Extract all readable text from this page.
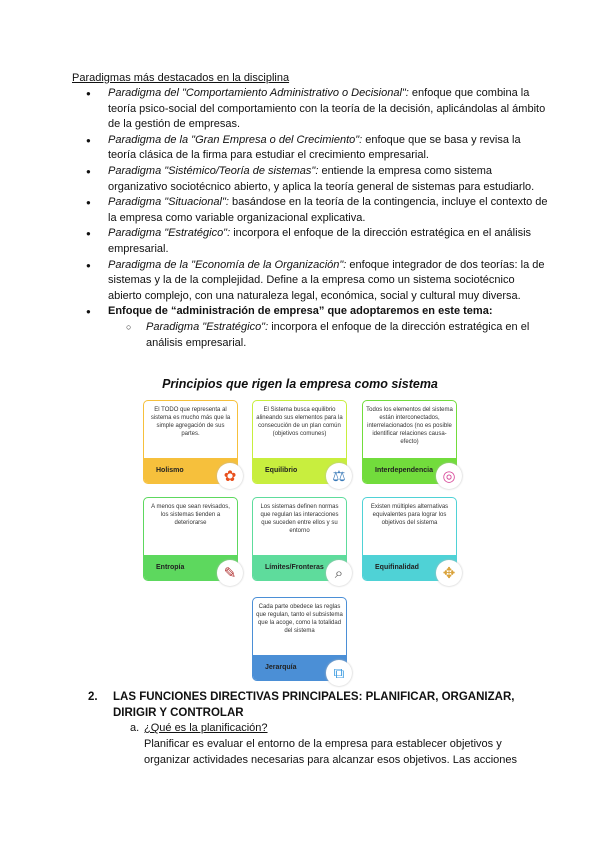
Paradigmas más destacados en la disciplina
● Paradigma del "Comportamiento Administrativo o Decisional": enfoque que combina la teoría psico-social del comportamiento con la teoría de la decisión, aplicándolas al ámbito de la gestión de empresas.
● Paradigma de la "Gran Empresa o del Crecimiento": enfoque que se basa y revisa la teoría clásica de la firma para estudiar el crecimiento empresarial.
● Paradigma "Sistémico/Teoría de sistemas": entiende la empresa como sistema organizativo sociotécnico abierto, y aplica la teoría general de sistemas para estudiarlo.
● Paradigma "Situacional": basándose en la teoría de la contingencia, incluye el contexto de la empresa como variable organizacional explicativa.
● Paradigma "Estratégico": incorpora el enfoque de la dirección estratégica en el análisis empresarial.
● Paradigma de la "Economía de la Organización": enfoque integrador de dos teorías: la de sistemas y la de la complejidad. Define a la empresa como un sistema sociotécnico abierto complejo, con una naturaleza legal, económica, social y cultural muy diversa.
● Enfoque de “administración de empresa” que adoptaremos en este tema:
○ Paradigma "Estratégico": incorpora el enfoque de la dirección estratégica en el análisis empresarial.
Principios que rigen la empresa como sistema
El TODO que representa al sistema es mucho más que la simple agregación de sus partes.
Holismo	✿
El Sistema busca equilibrio alineando sus elementos para la consecución de un plan común (objetivos comunes)
Equilibrio	⚖
Todos los elementos del sistema están interconectados, interrelacionados (no es posible identificar relaciones causa-efecto)
Interdependencia ◎
A menos que sean revisados, los sistemas tienden a deteriorarse
Entropía	✎
Los sistemas definen normas que regulan las interacciones que suceden entre ellos y su entorno
Límites/Fronteras ⌕
Existen múltiples alternativas equivalentes para lograr los objetivos del sistema
Equifinalidad	✥
Cada parte obedece las reglas que regulan, tanto el subsistema que la acoge, como la totalidad del sistema
Jerarquía	⧉
2. LAS FUNCIONES DIRECTIVAS PRINCIPALES: PLANIFICAR, ORGANIZAR, DIRIGIR Y CONTROLAR
a. ¿Qué es la planificación?
Planificar es evaluar el entorno de la empresa para establecer objetivos y organizar actividades necesarias para alcanzar esos objetivos. Las acciones
